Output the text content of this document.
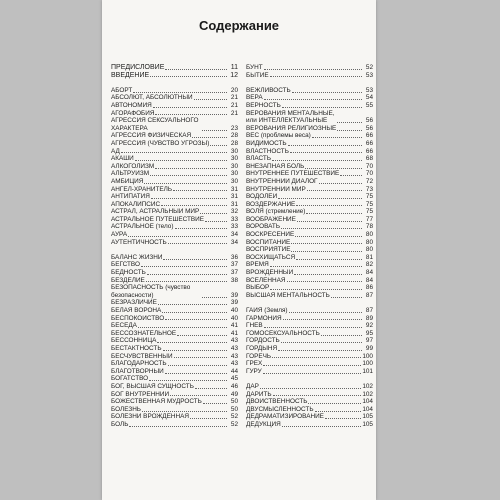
Содержание
ПРЕДИСЛОВИЕ	11
ВВЕДЕНИЕ	12
АБОРТ	20
АБСОЛЮТ, АБСОЛЮТНЫЙ	21
АВТОНОМИЯ	21
АГОРАФОБИЯ	21
АГРЕССИЯ СЕКСУАЛЬНОГО ХАРАКТЕРА	23
АГРЕССИЯ ФИЗИЧЕСКАЯ	28
АГРЕССИЯ (ЧУВСТВО УГРОЗЫ)	28
АД	30
АКАШИ	30
АЛКОГОЛИЗМ	30
АЛЬТРУИЗМ	30
АМБИЦИЯ	30
АНГЕЛ-ХРАНИТЕЛЬ	31
АНТИПАТИЯ	31
АПОКАЛИПСИС	31
АСТРАЛ, АСТРАЛЬНЫЙ МИР	32
АСТРАЛЬНОЕ ПУТЕШЕСТВИЕ	33
АСТРАЛЬНОЕ (тело)	33
АУРА	34
АУТЕНТИЧНОСТЬ	34
БАЛАНС ЖИЗНИ	36
БЕГСТВО	37
БЕДНОСТЬ	37
БЕЗДЕЛИЕ	38
БЕЗОПАСНОСТЬ (чувство безопасности)	39
БЕЗРАЗЛИЧИЕ	39
БЕЛАЯ ВОРОНА	40
БЕСПОКОЙСТВО	40
БЕСЕДА	41
БЕССОЗНАТЕЛЬНОЕ	41
БЕССОННИЦА	43
БЕСТАКТНОСТЬ	43
БЕСЧУВСТВЕННЫЙ	43
БЛАГОДАРНОСТЬ	43
БЛАГОТВОРНЫЙ	44
БОГАТСТВО	45
БОГ, ВЫСШАЯ СУЩНОСТЬ	46
БОГ ВНУТРЕННИЙ	49
БОЖЕСТВЕННАЯ МУДРОСТЬ	50
БОЛЕЗНЬ	50
БОЛЕЗНИ ВРОЖДЕННАЯ	52
БОЛЬ	52
БУНТ	52
БЫТИЕ	53
ВЕЖЛИВОСТЬ	53
ВЕРА	54
ВЕРНОСТЬ	55
ВЕРОВАНИЯ МЕНТАЛЬНЫЕ, или ИНТЕЛЛЕКТУАЛЬНЫЕ	56
ВЕРОВАНИЯ РЕЛИГИОЗНЫЕ	56
ВЕС (проблемы веса)	66
ВИДИМОСТЬ	66
ВЛАСТНОСТЬ	66
ВЛАСТЬ	68
ВНЕЗАПНАЯ БОЛЬ	70
ВНУТРЕННЕЕ ПУТЕШЕСТВИЕ	70
ВНУТРЕННИЙ ДИАЛОГ	72
ВНУТРЕННИЙ МИР	73
ВОДОЛЕЙ	75
ВОЗДЕРЖАНИЕ	75
ВОЛЯ (стремление)	75
ВООБРАЖЕНИЕ	77
ВОРОВАТЬ	78
ВОСКРЕСЕНИЕ	80
ВОСПИТАНИЕ	80
ВОСПРИЯТИЕ	80
ВОСХИЩАТЬСЯ	81
ВРЕМЯ	82
ВРОЖДЕННЫЙ	84
ВСЕЛЕННАЯ	84
ВЫБОР	86
ВЫСШАЯ МЕНТАЛЬНОСТЬ	87
ГАЙЯ (Земля)	87
ГАРМОНИЯ	89
ГНЕВ	92
ГОМОСЕКСУАЛЬНОСТЬ	95
ГОРДОСТЬ	97
ГОРДЫНЯ	99
ГОРЕЧЬ	100
ГРЕХ	100
ГУРУ	101
ДАР	102
ДАРИТЬ	102
ДВОИСТВЕННОСТЬ	104
ДВУСМЫСЛЕННОСТЬ	104
ДЕДРАМАТИЗИРОВАНИЕ	105
ДЕДУКЦИЯ	105
